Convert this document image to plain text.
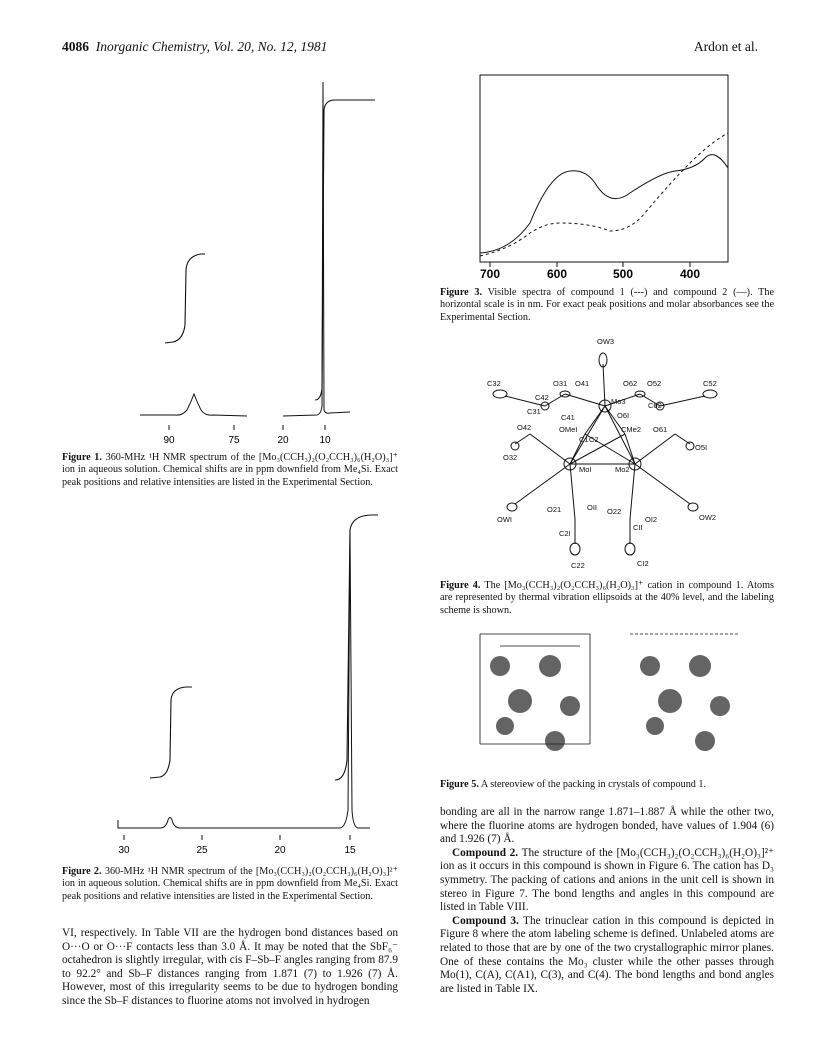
4086 Inorganic Chemistry, Vol. 20, No. 12, 1981	Ardon et al.
90	75	20	10
Figure 1. 360-MHz ¹H NMR spectrum of the [Mo₃(CCH₃)₂(O₂CCH₃)₆(H₂O)₃]⁺ ion in aqueous solution. Chemical shifts are in ppm downfield from Me₄Si. Exact peak positions and relative intensities are listed in the Experimental Section.
30	25	20	15
Figure 2. 360-MHz ¹H NMR spectrum of the [Mo₃(CCH₃)₂(O₂CCH₃)₆(H₂O)₃]²⁺ ion in aqueous solution. Chemical shifts are in ppm downfield from Me₄Si. Exact peak positions and relative intensities are listed in the Experimental Section.

VI, respectively. In Table VII are the hydrogen bond distances based on O···O or O···F contacts less than 3.0 Å. It may be noted that the SbF₆⁻ octahedron is slightly irregular, with cis F–Sb–F angles ranging from 87.9 to 92.2° and Sb–F distances ranging from 1.871 (7) to 1.926 (7) Å. However, most of this irregularity seems to be due to hydrogen bonding since the Sb–F distances to fluorine atoms not involved in hydrogen

700	600	500	400
Figure 3. Visible spectra of compound 1 (---) and compound 2 (—). The horizontal scale is in nm. For exact peak positions and molar absorbances see the Experimental Section.
OW3
C32	O31 O41	O62 O52	C52
C42	Mo3	C62
C31
C41	O6I
O42	OMeI
C2
CMe2 O61
C1
O5I
O32
MoI	Mo2
O21	OII O22
OI2	OW2
OWI
CII
C2I
C22	CI2
Figure 4. The [Mo₃(CCH₃)₂(O₂CCH₃)₆(H₂O)₃]⁺ cation in compound 1. Atoms are represented by thermal vibration ellipsoids at the 40% level, and the labeling scheme is shown.
Figure 5. A stereoview of the packing in crystals of compound 1.

bonding are all in the narrow range 1.871–1.887 Å while the other two, where the fluorine atoms are hydrogen bonded, have values of 1.904 (6) and 1.926 (7) Å.

Compound 2. The structure of the [Mo₃(CCH₃)₂(O₂CCH₃)₆(H₂O)₃]²⁺ ion as it occurs in this compound is shown in Figure 6. The cation has D₃ symmetry. The packing of cations and anions in the unit cell is shown in stereo in Figure 7. The bond lengths and angles in this compound are listed in Table VIII.

Compound 3. The trinuclear cation in this compound is depicted in Figure 8 where the atom labeling scheme is defined. Unlabeled atoms are related to those that are by one of the two crystallographic mirror planes. One of these contains the Mo₃ cluster while the other passes through Mo(1), C(A), C(A1), C(3), and C(4). The bond lengths and bond angles are listed in Table IX.
